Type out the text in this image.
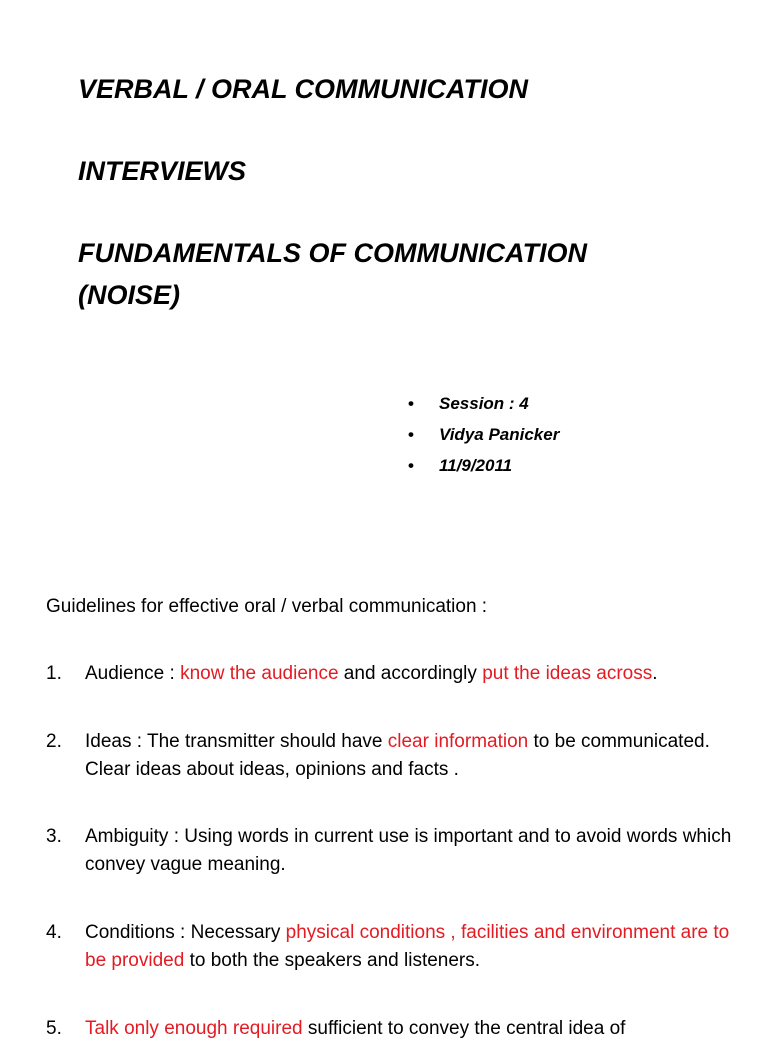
VERBAL / ORAL COMMUNICATION
INTERVIEWS
FUNDAMENTALS OF COMMUNICATION
(NOISE)
• Session : 4
• Vidya Panicker
• 11/9/2011

Guidelines for effective oral / verbal communication :

1.	Audience : know the audience and accordingly put the ideas across.
2.	Ideas : The transmitter should have clear information to be communicated. Clear ideas about ideas, opinions and facts .
3.	Ambiguity : Using words in current use is important and to avoid words which convey vague meaning.
4.	Conditions : Necessary physical conditions , facilities and environment are to be provided to both the speakers and listeners.
5.	Talk only enough required sufficient to convey the central idea of
